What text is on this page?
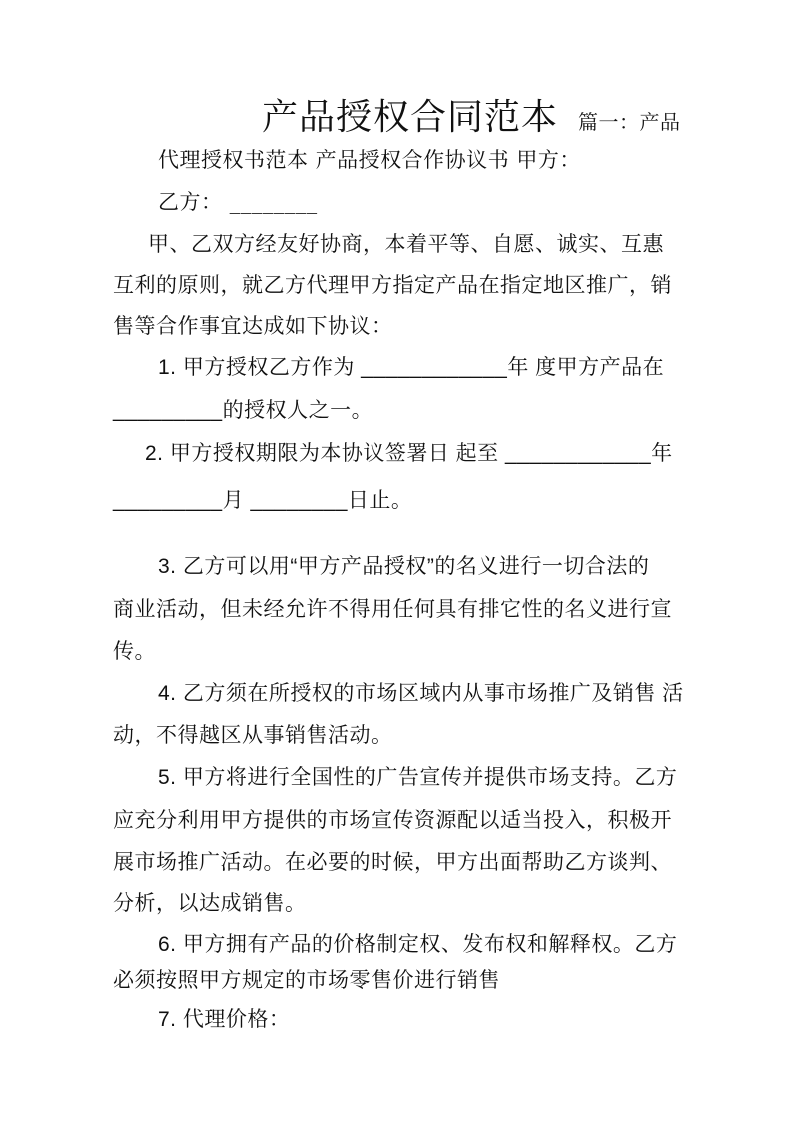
产品授权合同范本 篇一：产品
代理授权书范本 产品授权合作协议书 甲方：
乙方： ________
甲、乙双方经友好协商，本着平等、自愿、诚实、互惠
互利的原则，就乙方代理甲方指定产品在指定地区推广，销
售等合作事宜达成如下协议：
1. 甲方授权乙方作为 ____________年 度甲方产品在
_________的授权人之一。
2. 甲方授权期限为本协议签署日 起至 ____________年
_________月 ________日止。
3. 乙方可以用“甲方产品授权”的名义进行一切合法的
商业活动，但未经允许不得用任何具有排它性的名义进行宣
传。
4. 乙方须在所授权的市场区域内从事市场推广及销售 活
动，不得越区从事销售活动。
5. 甲方将进行全国性的广告宣传并提供市场支持。乙方
应充分利用甲方提供的市场宣传资源配以适当投入，积极开
展市场推广活动。在必要的时候，甲方出面帮助乙方谈判、
分析，以达成销售。
6. 甲方拥有产品的价格制定权、发布权和解释权。乙方
必须按照甲方规定的市场零售价进行销售
7. 代理价格：
